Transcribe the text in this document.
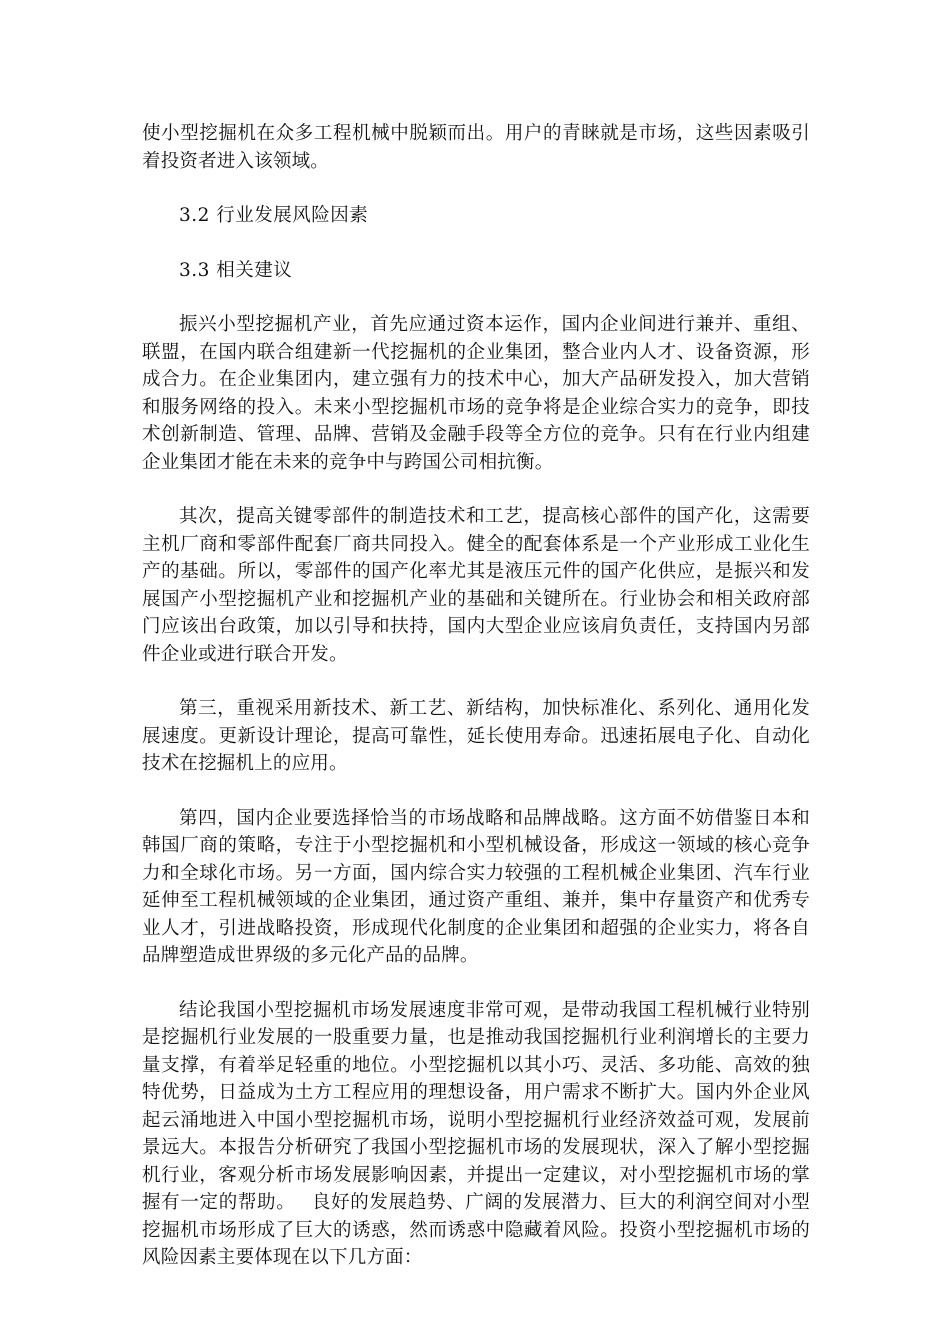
使小型挖掘机在众多工程机械中脱颖而出。用户的青睐就是市场，这些因素吸引着投资者进入该领域。

3.2 行业发展风险因素

3.3 相关建议

振兴小型挖掘机产业，首先应通过资本运作，国内企业间进行兼并、重组、联盟，在国内联合组建新一代挖掘机的企业集团，整合业内人才、设备资源，形成合力。在企业集团内，建立强有力的技术中心，加大产品研发投入，加大营销和服务网络的投入。未来小型挖掘机市场的竞争将是企业综合实力的竞争，即技术创新制造、管理、品牌、营销及金融手段等全方位的竞争。只有在行业内组建企业集团才能在未来的竞争中与跨国公司相抗衡。

其次，提高关键零部件的制造技术和工艺，提高核心部件的国产化，这需要主机厂商和零部件配套厂商共同投入。健全的配套体系是一个产业形成工业化生产的基础。所以，零部件的国产化率尤其是液压元件的国产化供应，是振兴和发展国产小型挖掘机产业和挖掘机产业的基础和关键所在。行业协会和相关政府部门应该出台政策，加以引导和扶持，国内大型企业应该肩负责任，支持国内另部件企业或进行联合开发。

第三，重视采用新技术、新工艺、新结构，加快标准化、系列化、通用化发展速度。更新设计理论，提高可靠性，延长使用寿命。迅速拓展电子化、自动化技术在挖掘机上的应用。

第四，国内企业要选择恰当的市场战略和品牌战略。这方面不妨借鉴日本和韩国厂商的策略，专注于小型挖掘机和小型机械设备，形成这一领域的核心竞争力和全球化市场。另一方面，国内综合实力较强的工程机械企业集团、汽车行业延伸至工程机械领域的企业集团，通过资产重组、兼并，集中存量资产和优秀专业人才，引进战略投资，形成现代化制度的企业集团和超强的企业实力，将各自品牌塑造成世界级的多元化产品的品牌。

结论我国小型挖掘机市场发展速度非常可观，是带动我国工程机械行业特别是挖掘机行业发展的一股重要力量，也是推动我国挖掘机行业利润增长的主要力量支撑，有着举足轻重的地位。小型挖掘机以其小巧、灵活、多功能、高效的独特优势，日益成为土方工程应用的理想设备，用户需求不断扩大。国内外企业风起云涌地进入中国小型挖掘机市场，说明小型挖掘机行业经济效益可观，发展前景远大。本报告分析研究了我国小型挖掘机市场的发展现状，深入了解小型挖掘机行业，客观分析市场发展影响因素，并提出一定建议，对小型挖掘机市场的掌握有一定的帮助。　 良好的发展趋势、广阔的发展潜力、巨大的利润空间对小型挖掘机市场形成了巨大的诱惑，然而诱惑中隐藏着风险。投资小型挖掘机市场的风险因素主要体现在以下几方面：
